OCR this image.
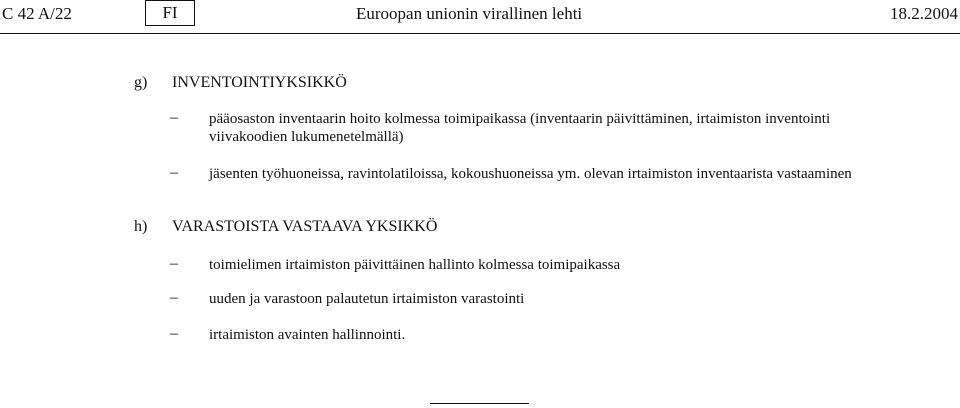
C 42 A/22	FI	Euroopan unionin virallinen lehti	18.2.2004
g) INVENTOINTIYKSIKKÖ
– pääosaston inventaarin hoito kolmessa toimipaikassa (inventaarin päivittäminen, irtaimiston inventointi viivakoodien lukumenetelmällä)
– jäsenten työhuoneissa, ravintolatiloissa, kokoushuoneissa ym. olevan irtaimiston inventaarista vastaaminen
h) VARASTOISTA VASTAAVA YKSIKKÖ
– toimielimen irtaimiston päivittäinen hallinto kolmessa toimipaikassa
– uuden ja varastoon palautetun irtaimiston varastointi
– irtaimiston avainten hallinnointi.
